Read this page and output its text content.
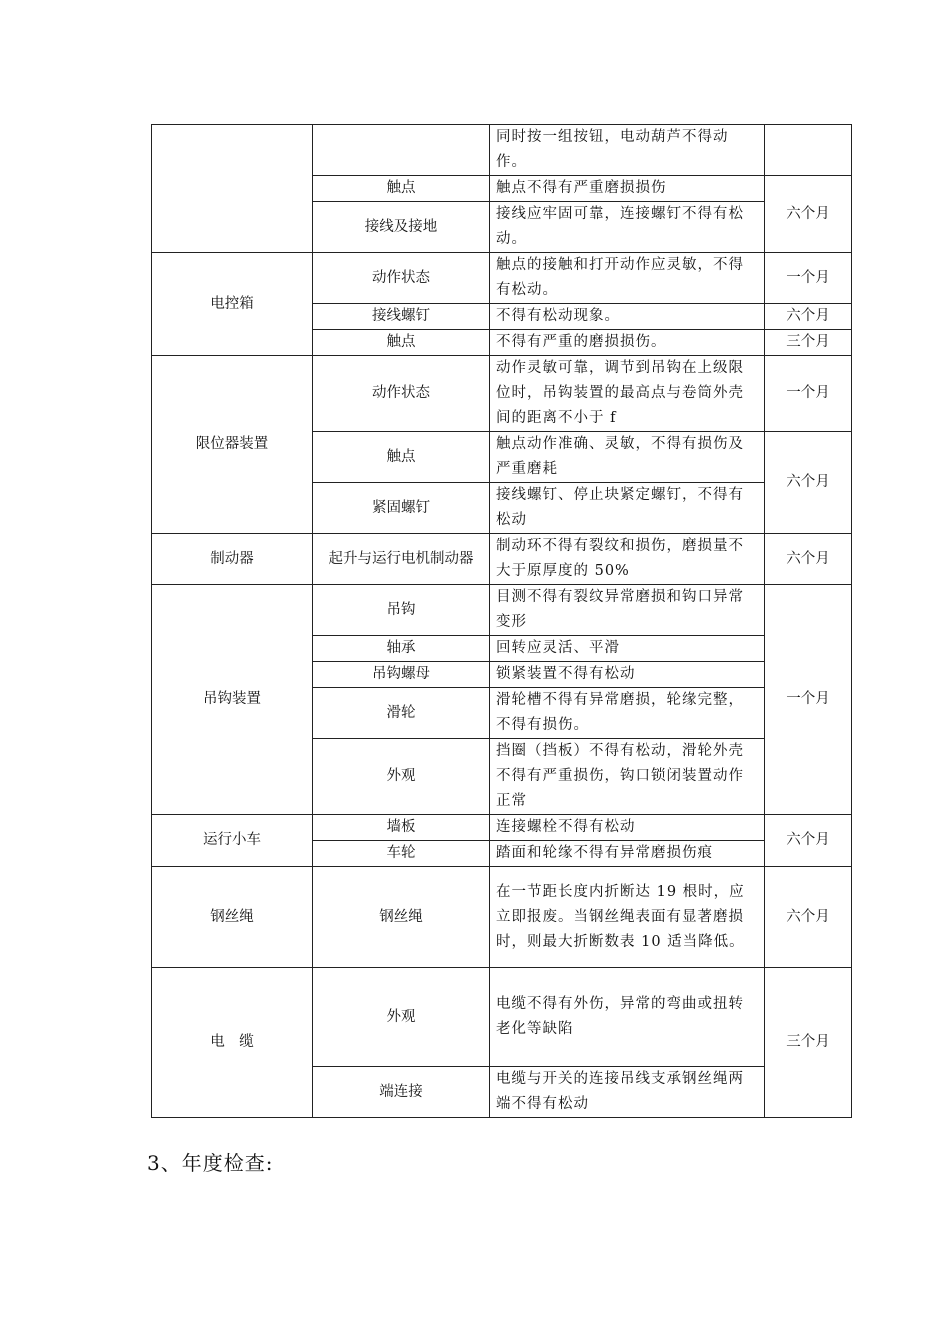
		同时按一组按钮，电动葫芦不得动作。	
	触点	触点不得有严重磨损损伤	六个月
	接线及接地	接线应牢固可靠，连接螺钉不得有松动。	
电控箱	动作状态	触点的接触和打开动作应灵敏，不得有松动。	一个月
	接线螺钉	不得有松动现象。	六个月
	触点	不得有严重的磨损损伤。	三个月
限位器装置	动作状态	动作灵敏可靠，调节到吊钩在上级限位时，吊钩装置的最高点与卷筒外壳间的距离不小于 f	一个月
	触点	触点动作准确、灵敏，不得有损伤及严重磨耗	六个月
	紧固螺钉	接线螺钉、停止块紧定螺钉，不得有松动	
制动器	起升与运行电机制动器	制动环不得有裂纹和损伤，磨损量不大于原厚度的 50%	六个月
吊钩装置	吊钩	目测不得有裂纹异常磨损和钩口异常变形	一个月
	轴承	回转应灵活、平滑	
	吊钩螺母	锁紧装置不得有松动	
	滑轮	滑轮槽不得有异常磨损，轮缘完整，不得有损伤。	
	外观	挡圈（挡板）不得有松动，滑轮外壳不得有严重损伤，钩口锁闭装置动作正常	
运行小车	墙板	连接螺栓不得有松动	六个月
	车轮	踏面和轮缘不得有异常磨损伤痕	
钢丝绳	钢丝绳	在一节距长度内折断达 19 根时，应立即报废。当钢丝绳表面有显著磨损时，则最大折断数表 10 适当降低。	六个月
电　缆	外观	电缆不得有外伤，异常的弯曲或扭转老化等缺陷	三个月
	端连接	电缆与开关的连接吊线支承钢丝绳两端不得有松动	
3、年度检查:
